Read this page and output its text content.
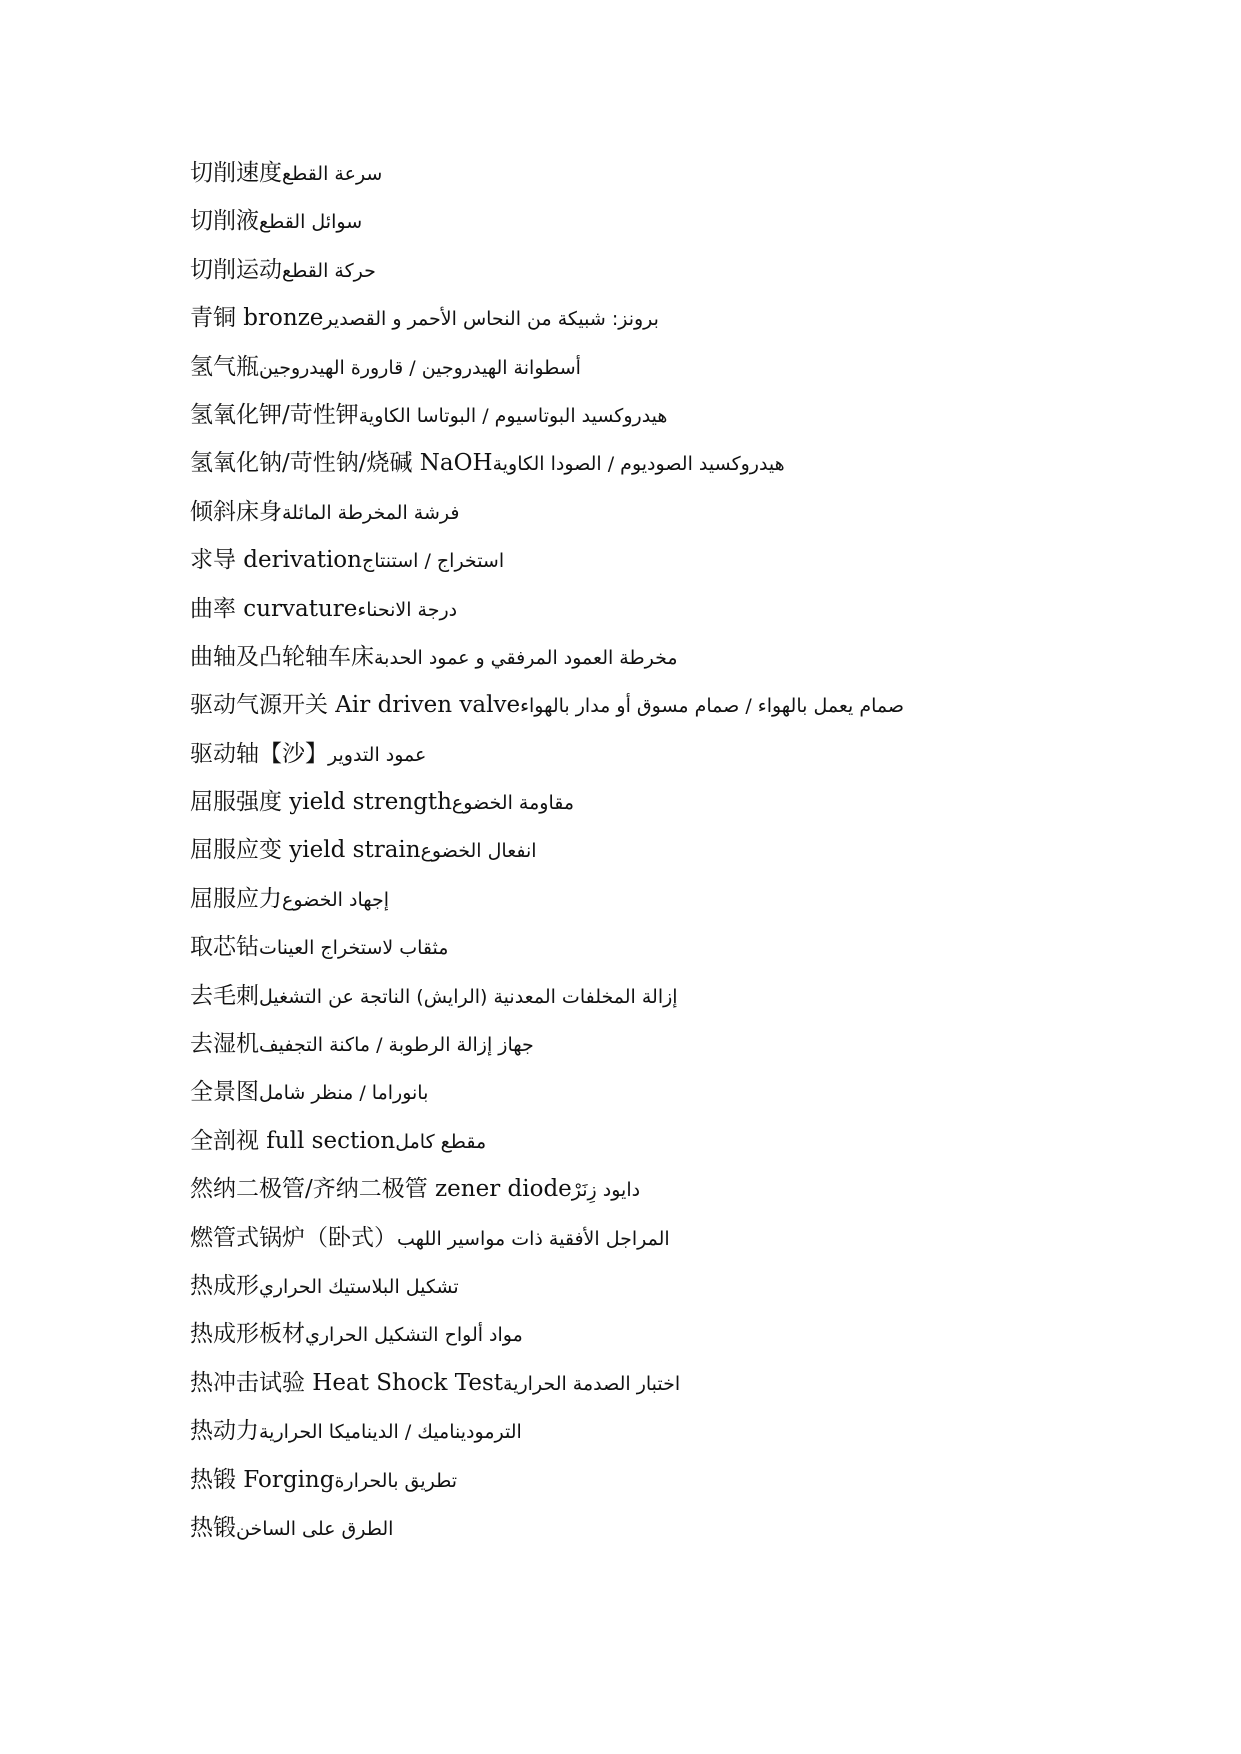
切削速度سرعة القطع
切削液سوائل القطع
切削运动حركة القطع
青铜 bronzeبرونز: شبيكة من النحاس الأحمر و القصدير
氢气瓶أسطوانة الهيدروجين / قارورة الهيدروجين
氢氧化钾/苛性钾هيدروكسيد البوتاسيوم / البوتاسا الكاوية
氢氧化钠/苛性钠/烧碱 NaOHهيدروكسيد الصوديوم / الصودا الكاوية
倾斜床身فرشة المخرطة المائلة
求导 derivationاستخراج / استنتاج
曲率 curvatureدرجة الانحناء
曲轴及凸轮轴车床مخرطة العمود المرفقي و عمود الحدبة
驱动气源开关 Air driven valveصمام يعمل بالهواء / صمام مسوق أو مدار بالهواء
驱动轴【沙】عمود التدوير
屈服强度 yield strengthمقاومة الخضوع
屈服应变 yield strainانفعال الخضوع
屈服应力إجهاد الخضوع
取芯钻مثقاب لاستخراج العينات
去毛刺إزالة المخلفات المعدنية (الرايش) الناتجة عن التشغيل
去湿机جهاز إزالة الرطوبة / ماكنة التجفيف
全景图بانوراما / منظر شامل
全剖视 full sectionمقطع كامل
然纳二极管/齐纳二极管 zener diodeدايود زِنَرْ
燃管式锅炉（卧式）المراجل الأفقية ذات مواسير اللهب
热成形تشكيل البلاستيك الحراري
热成形板材مواد ألواح التشكيل الحراري
热冲击试验 Heat Shock Testاختبار الصدمة الحرارية
热动力الترموديناميك / الديناميكا الحرارية
热锻 Forgingتطريق بالحرارة
热锻الطرق على الساخن
